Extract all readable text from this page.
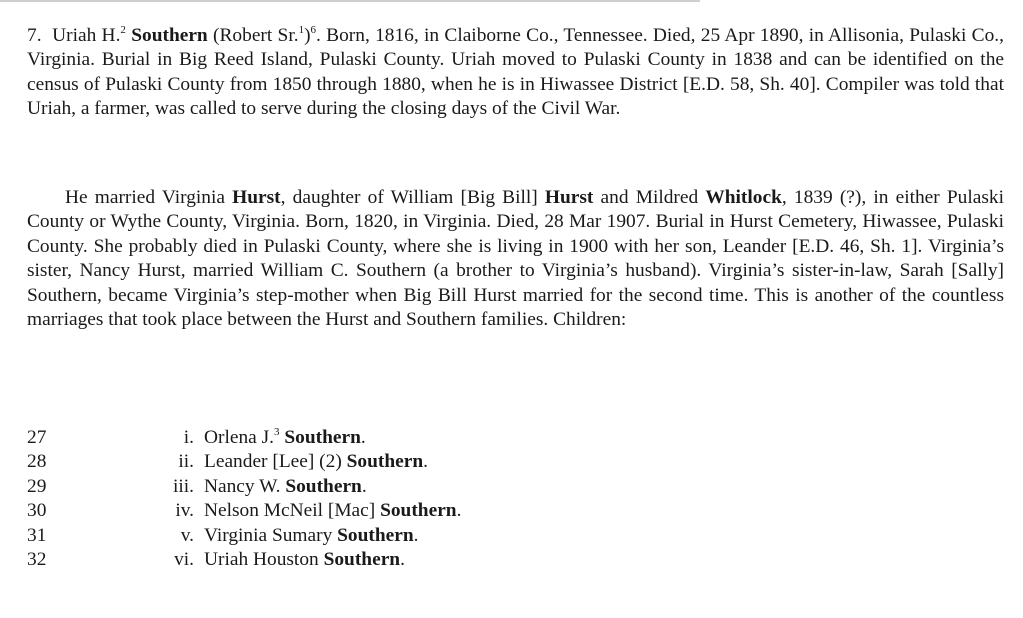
7. Uriah H.$^2$ Southern (Robert Sr.$^1$)$^6$. Born, 1816, in Claiborne Co., Tennessee. Died, 25 Apr 1890, in Allisonia, Pulaski Co., Virginia. Burial in Big Reed Island, Pulaski County. Uriah moved to Pulaski County in 1838 and can be identified on the census of Pulaski County from 1850 through 1880, when he is in Hiwassee District [E.D. 58, Sh. 40]. Compiler was told that Uriah, a farmer, was called to serve during the closing days of the Civil War.

He married Virginia Hurst, daughter of William [Big Bill] Hurst and Mildred Whitlock, 1839 (?), in either Pulaski County or Wythe County, Virginia. Born, 1820, in Virginia. Died, 28 Mar 1907. Burial in Hurst Cemetery, Hiwassee, Pulaski County. She probably died in Pulaski County, where she is living in 1900 with her son, Leander [E.D. 46, Sh. 1]. Virginia’s sister, Nancy Hurst, married William C. Southern (a brother to Virginia’s husband). Virginia’s sister-in-law, Sarah [Sally] Southern, became Virginia’s step-mother when Big Bill Hurst married for the second time. This is another of the countless marriages that took place between the Hurst and Southern families. Children:

27	i. Orlena J.$^3$ Southern.
28	ii. Leander [Lee] (2) Southern.
29	iii. Nancy W. Southern.
30	iv. Nelson McNeil [Mac] Southern.
31	v. Virginia Sumary Southern.
32	vi. Uriah Houston Southern.
